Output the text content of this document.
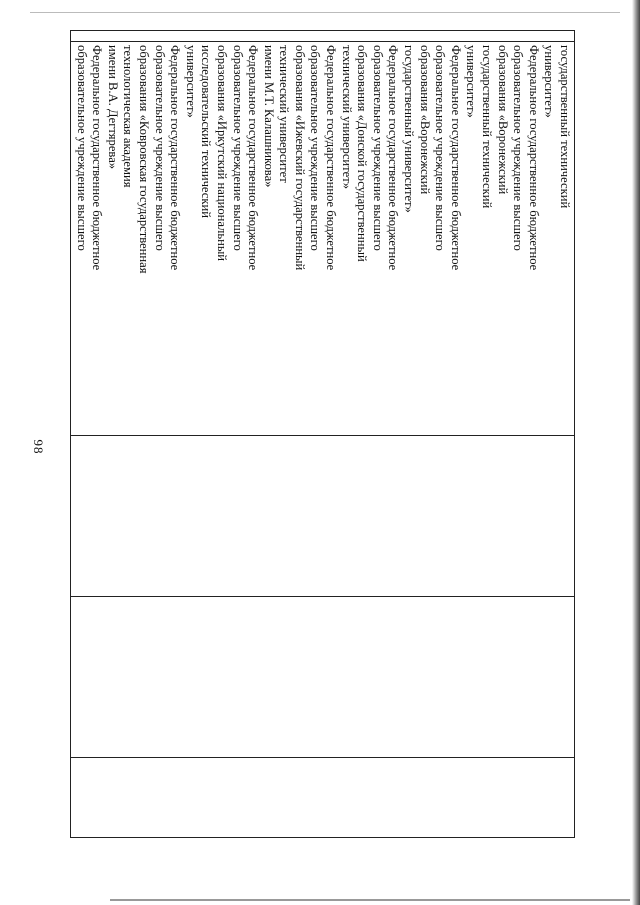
98

государственный технический
университет»
Федеральное государственное бюджетное
образовательное учреждение высшего
образования «Воронежский
государственный технический
университет»
Федеральное государственное бюджетное
образовательное учреждение высшего
образования «Воронежский
государственный университет»
Федеральное государственное бюджетное
образовательное учреждение высшего
образования «Донской государственный
технический университет»
Федеральное государственное бюджетное
образовательное учреждение высшего
образования «Ижевский государственный
технический университет
имени М.Т. Калашникова»
Федеральное государственное бюджетное
образовательное учреждение высшего
образования «Иркутский национальный
исследовательский технический
университет»
Федеральное государственное бюджетное
образовательное учреждение высшего
образования «Ковровская государственная
технологическая академия
имени В.А. Дегтярева»
Федеральное государственное бюджетное
образовательное учреждение высшего
